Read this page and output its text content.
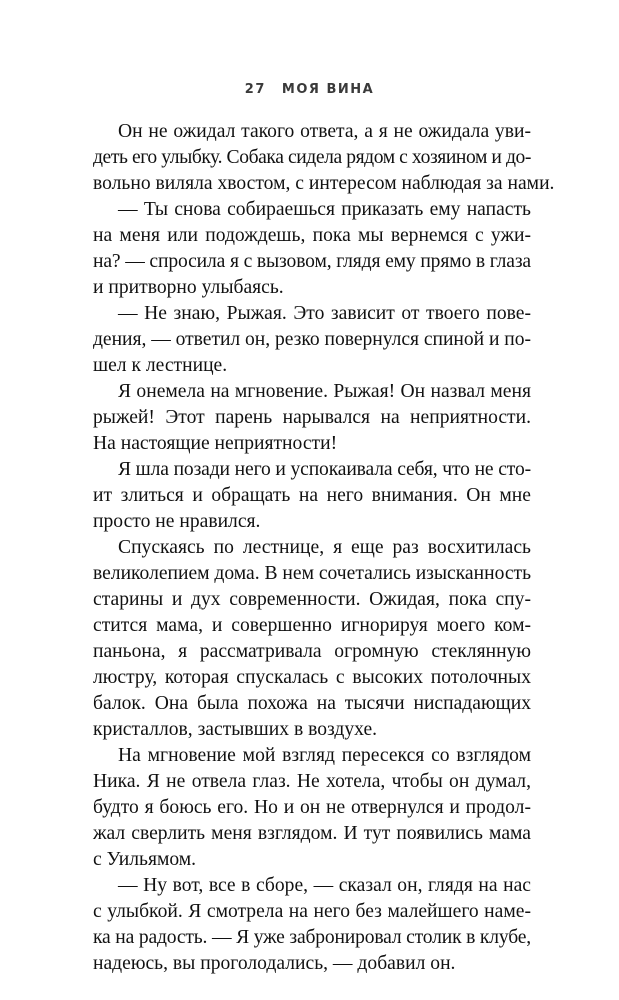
27 МОЯ ВИНА

Он не ожидал такого ответа, а я не ожидала уви-
деть его улыбку. Собака сидела рядом с хозяином и до-
вольно виляла хвостом, с интересом наблюдая за нами.

— Ты снова собираешься приказать ему напасть
на меня или подождешь, пока мы вернемся с ужи-
на? — спросила я с вызовом, глядя ему прямо в глаза
и притворно улыбаясь.

— Не знаю, Рыжая. Это зависит от твоего пове-
дения, — ответил он, резко повернулся спиной и по-
шел к лестнице.

Я онемела на мгновение. Рыжая! Он назвал меня
рыжей! Этот парень нарывался на неприятности.
На настоящие неприятности!

Я шла позади него и успокаивала себя, что не сто-
ит злиться и обращать на него внимания. Он мне
просто не нравился.

Спускаясь по лестнице, я еще раз восхитилась
великолепием дома. В нем сочетались изысканность
старины и дух современности. Ожидая, пока спу-
стится мама, и совершенно игнорируя моего ком-
паньона, я рассматривала огромную стеклянную
люстру, которая спускалась с высоких потолочных
балок. Она была похожа на тысячи ниспадающих
кристаллов, застывших в воздухе.

На мгновение мой взгляд пересекся со взглядом
Ника. Я не отвела глаз. Не хотела, чтобы он думал,
будто я боюсь его. Но и он не отвернулся и продол-
жал сверлить меня взглядом. И тут появились мама
с Уильямом.

— Ну вот, все в сборе, — сказал он, глядя на нас
с улыбкой. Я смотрела на него без малейшего наме-
ка на радость. — Я уже забронировал столик в клубе,
надеюсь, вы проголодались, — добавил он.
